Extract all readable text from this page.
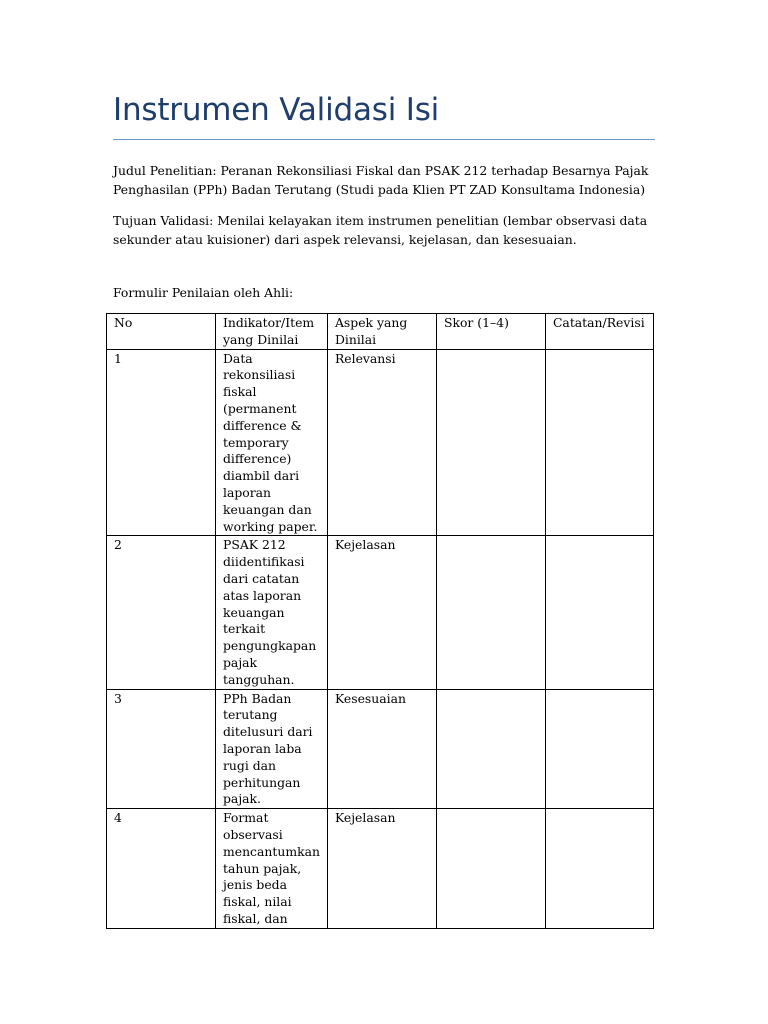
Instrumen Validasi Isi

Judul Penelitian: Peranan Rekonsiliasi Fiskal dan PSAK 212 terhadap Besarnya Pajak Penghasilan (PPh) Badan Terutang (Studi pada Klien PT ZAD Konsultama Indonesia)

Tujuan Validasi: Menilai kelayakan item instrumen penelitian (lembar observasi data sekunder atau kuisioner) dari aspek relevansi, kejelasan, dan kesesuaian.

Formulir Penilaian oleh Ahli:

No	Indikator/Item yang Dinilai	Aspek yang Dinilai	Skor (1–4)	Catatan/Revisi
1	Data rekonsiliasi fiskal (permanent difference & temporary difference) diambil dari laporan keuangan dan working paper.	Relevansi		
2	PSAK 212 diidentifikasi dari catatan atas laporan keuangan terkait pengungkapan pajak tangguhan.	Kejelasan		
3	PPh Badan terutang ditelusuri dari laporan laba rugi dan perhitungan pajak.	Kesesuaian		
4	Format observasi mencantumkan tahun pajak, jenis beda fiskal, nilai fiskal, dan	Kejelasan		
